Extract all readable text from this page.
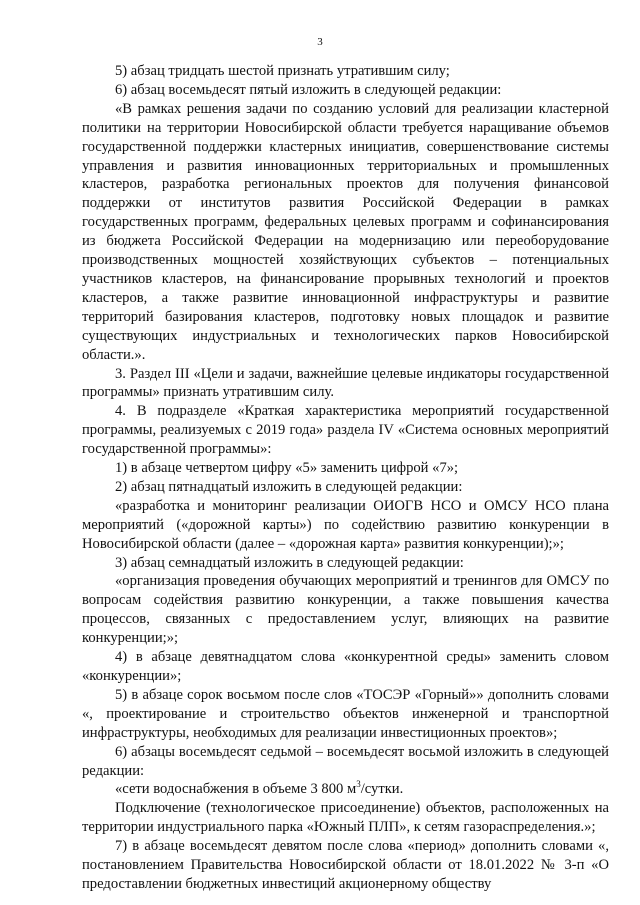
3

5) абзац тридцать шестой признать утратившим силу;

6) абзац восемьдесят пятый изложить в следующей редакции:

«В рамках решения задачи по созданию условий для реализации кластерной политики на территории Новосибирской области требуется наращивание объемов государственной поддержки кластерных инициатив, совершенствование системы управления и развития инновационных территориальных и промышленных кластеров, разработка региональных проектов для получения финансовой поддержки от институтов развития Российской Федерации в рамках государственных программ, федеральных целевых программ и софинансирования из бюджета Российской Федерации на модернизацию или переоборудование производственных мощностей хозяйствующих субъектов – потенциальных участников кластеров, на финансирование прорывных технологий и проектов кластеров, а также развитие инновационной инфраструктуры и развитие территорий базирования кластеров, подготовку новых площадок и развитие существующих индустриальных и технологических парков Новосибирской области.».

3. Раздел III «Цели и задачи, важнейшие целевые индикаторы государственной программы» признать утратившим силу.

4. В подразделе «Краткая характеристика мероприятий государственной программы, реализуемых с 2019 года» раздела IV «Система основных мероприятий государственной программы»:

1) в абзаце четвертом цифру «5» заменить цифрой «7»;

2) абзац пятнадцатый изложить в следующей редакции:

«разработка и мониторинг реализации ОИОГВ НСО и ОМСУ НСО плана мероприятий («дорожной карты») по содействию развитию конкуренции в Новосибирской области (далее – «дорожная карта» развития конкуренции);»;

3) абзац семнадцатый изложить в следующей редакции:

«организация проведения обучающих мероприятий и тренингов для ОМСУ по вопросам содействия развитию конкуренции, а также повышения качества процессов, связанных с предоставлением услуг, влияющих на развитие конкуренции;»;

4) в абзаце девятнадцатом слова «конкурентной среды» заменить словом «конкуренции»;

5) в абзаце сорок восьмом после слов «ТОСЭР «Горный»» дополнить словами «, проектирование и строительство объектов инженерной и транспортной инфраструктуры, необходимых для реализации инвестиционных проектов»;

6) абзацы восемьдесят седьмой – восемьдесят восьмой изложить в следующей редакции:

«сети водоснабжения в объеме 3 800 $м^3$/сутки.

Подключение (технологическое присоединение) объектов, расположенных на территории индустриального парка «Южный ПЛП», к сетям газораспределения.»;

7) в абзаце восемьдесят девятом после слова «период» дополнить словами «, постановлением Правительства Новосибирской области от 18.01.2022 № 3-п «О предоставлении бюджетных инвестиций акционерному обществу
